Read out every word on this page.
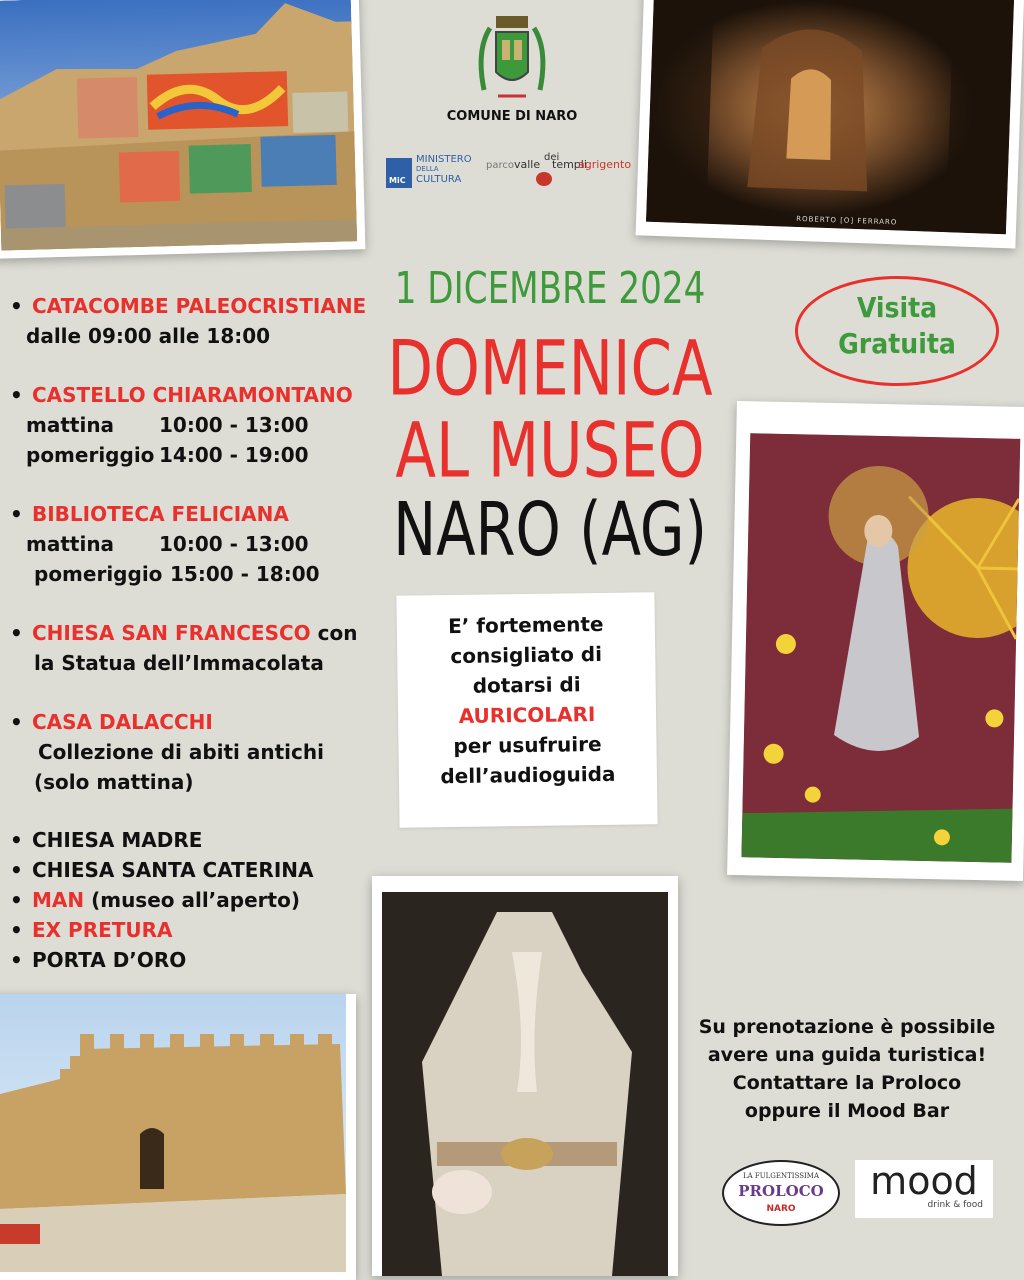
ROBERTO [O] FERRARO
COMUNE DI NARO
MiC
MINISTERO
DELLA
CULTURA
parco valle
dei
templi
agrigento
1 DICEMBRE 2024
DOMENICA
AL MUSEO
NARO (AG)
Visita
Gratuita
E’ fortemente
consigliato di
dotarsi di
AURICOLARI
per usufruire
dell’audioguida
• CATACOMBE PALEOCRISTIANE
dalle 09:00 alle 18:00
• CASTELLO CHIARAMONTANO
mattina 10:00 - 13:00
pomeriggio 14:00 - 19:00
• BIBLIOTECA FELICIANA
mattina 10:00 - 13:00
pomeriggio 15:00 - 18:00
• CHIESA SAN FRANCESCO con
la Statua dell’Immacolata
• CASA DALACCHI
Collezione di abiti antichi
(solo mattina)
• CHIESA MADRE
• CHIESA SANTA CATERINA
• MAN (museo all’aperto)
• EX PRETURA
• PORTA D’ORO
Su prenotazione è possibile
avere una guida turistica!
Contattare la Proloco
oppure il Mood Bar
LA FULGENTISSIMA
PROLOCO
NARO
mood
drink & food
